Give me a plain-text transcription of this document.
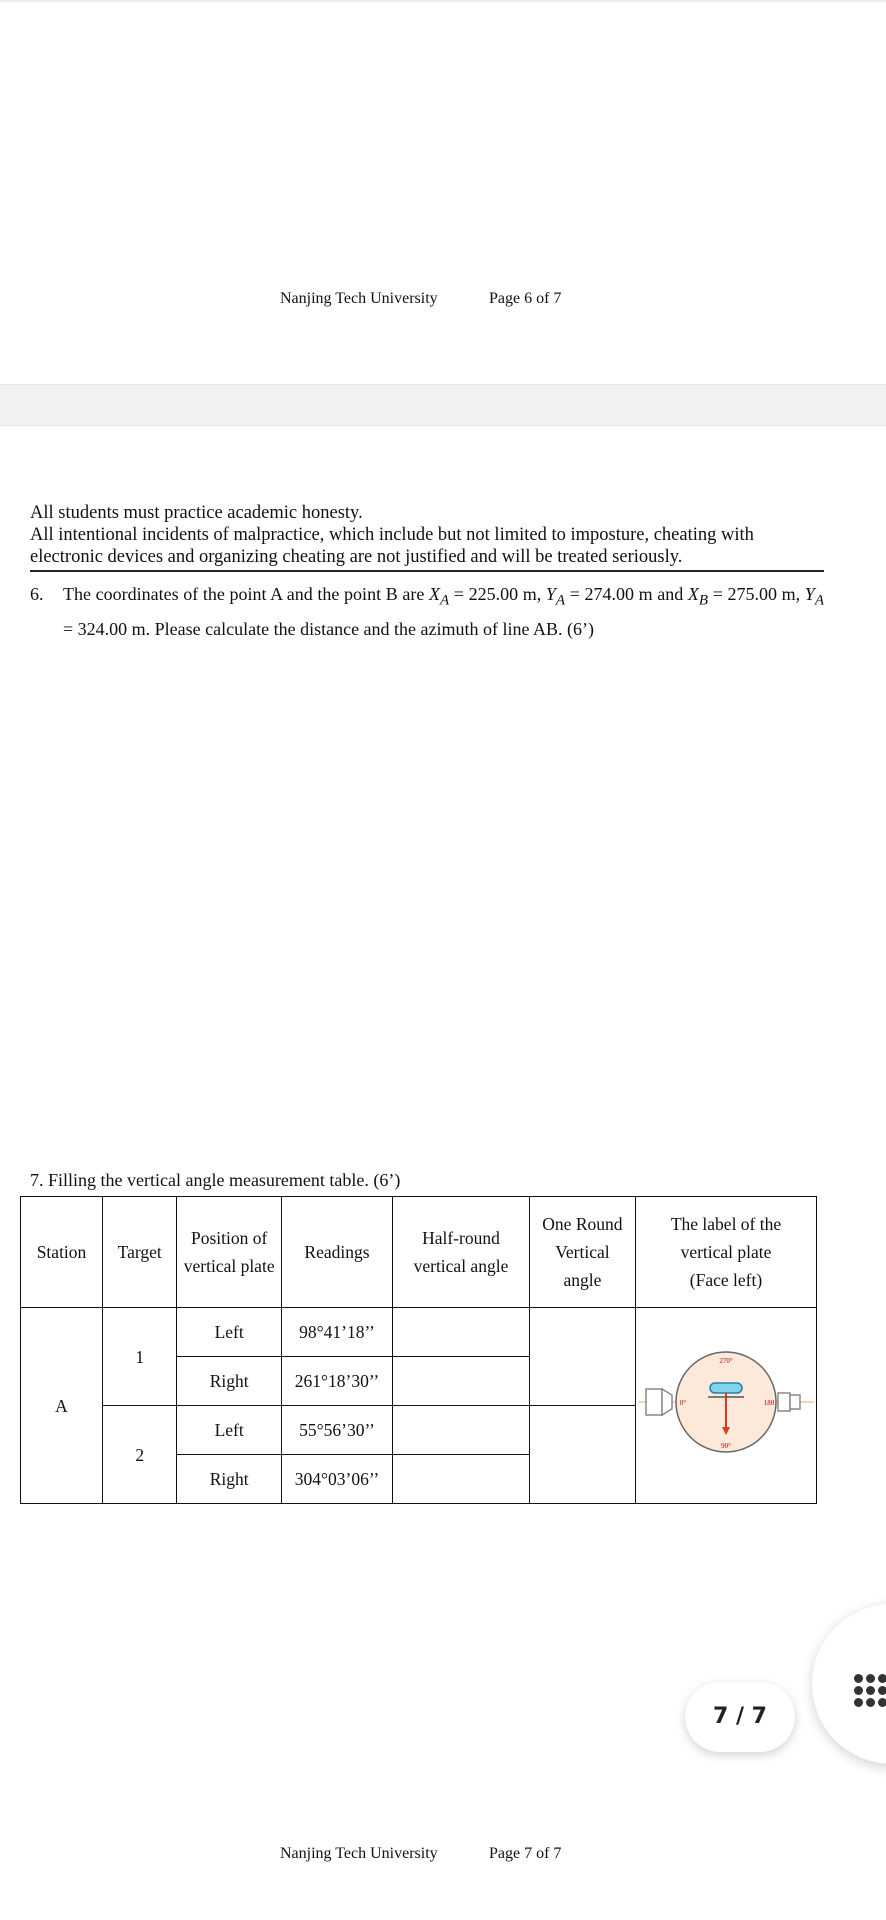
Nanjing Tech University	Page 6 of 7
All students must practice academic honesty.
All intentional incidents of malpractice, which include but not limited to imposture, cheating with electronic devices and organizing cheating are not justified and will be treated seriously.
6. The coordinates of the point A and the point B are $X_A = 225.00$ m, $Y_A = 274.00$ m and $X_B = 275.00$ m, $Y_A = 324.00$ m. Please calculate the distance and the azimuth of line AB. (6’)
7. Filling the vertical angle measurement table. (6’)
Station	Target	Position of vertical plate	Readings	Half-round vertical angle	One Round Vertical angle	The label of the vertical plate (Face left)
A	1	Left	98°41’18’’			270°
180
90°
0°

		Right	261°18’30’’			
	2	Left	55°56’30’’			
		Right	304°03’06’’			
7 / 7
Nanjing Tech University	Page 7 of 7
